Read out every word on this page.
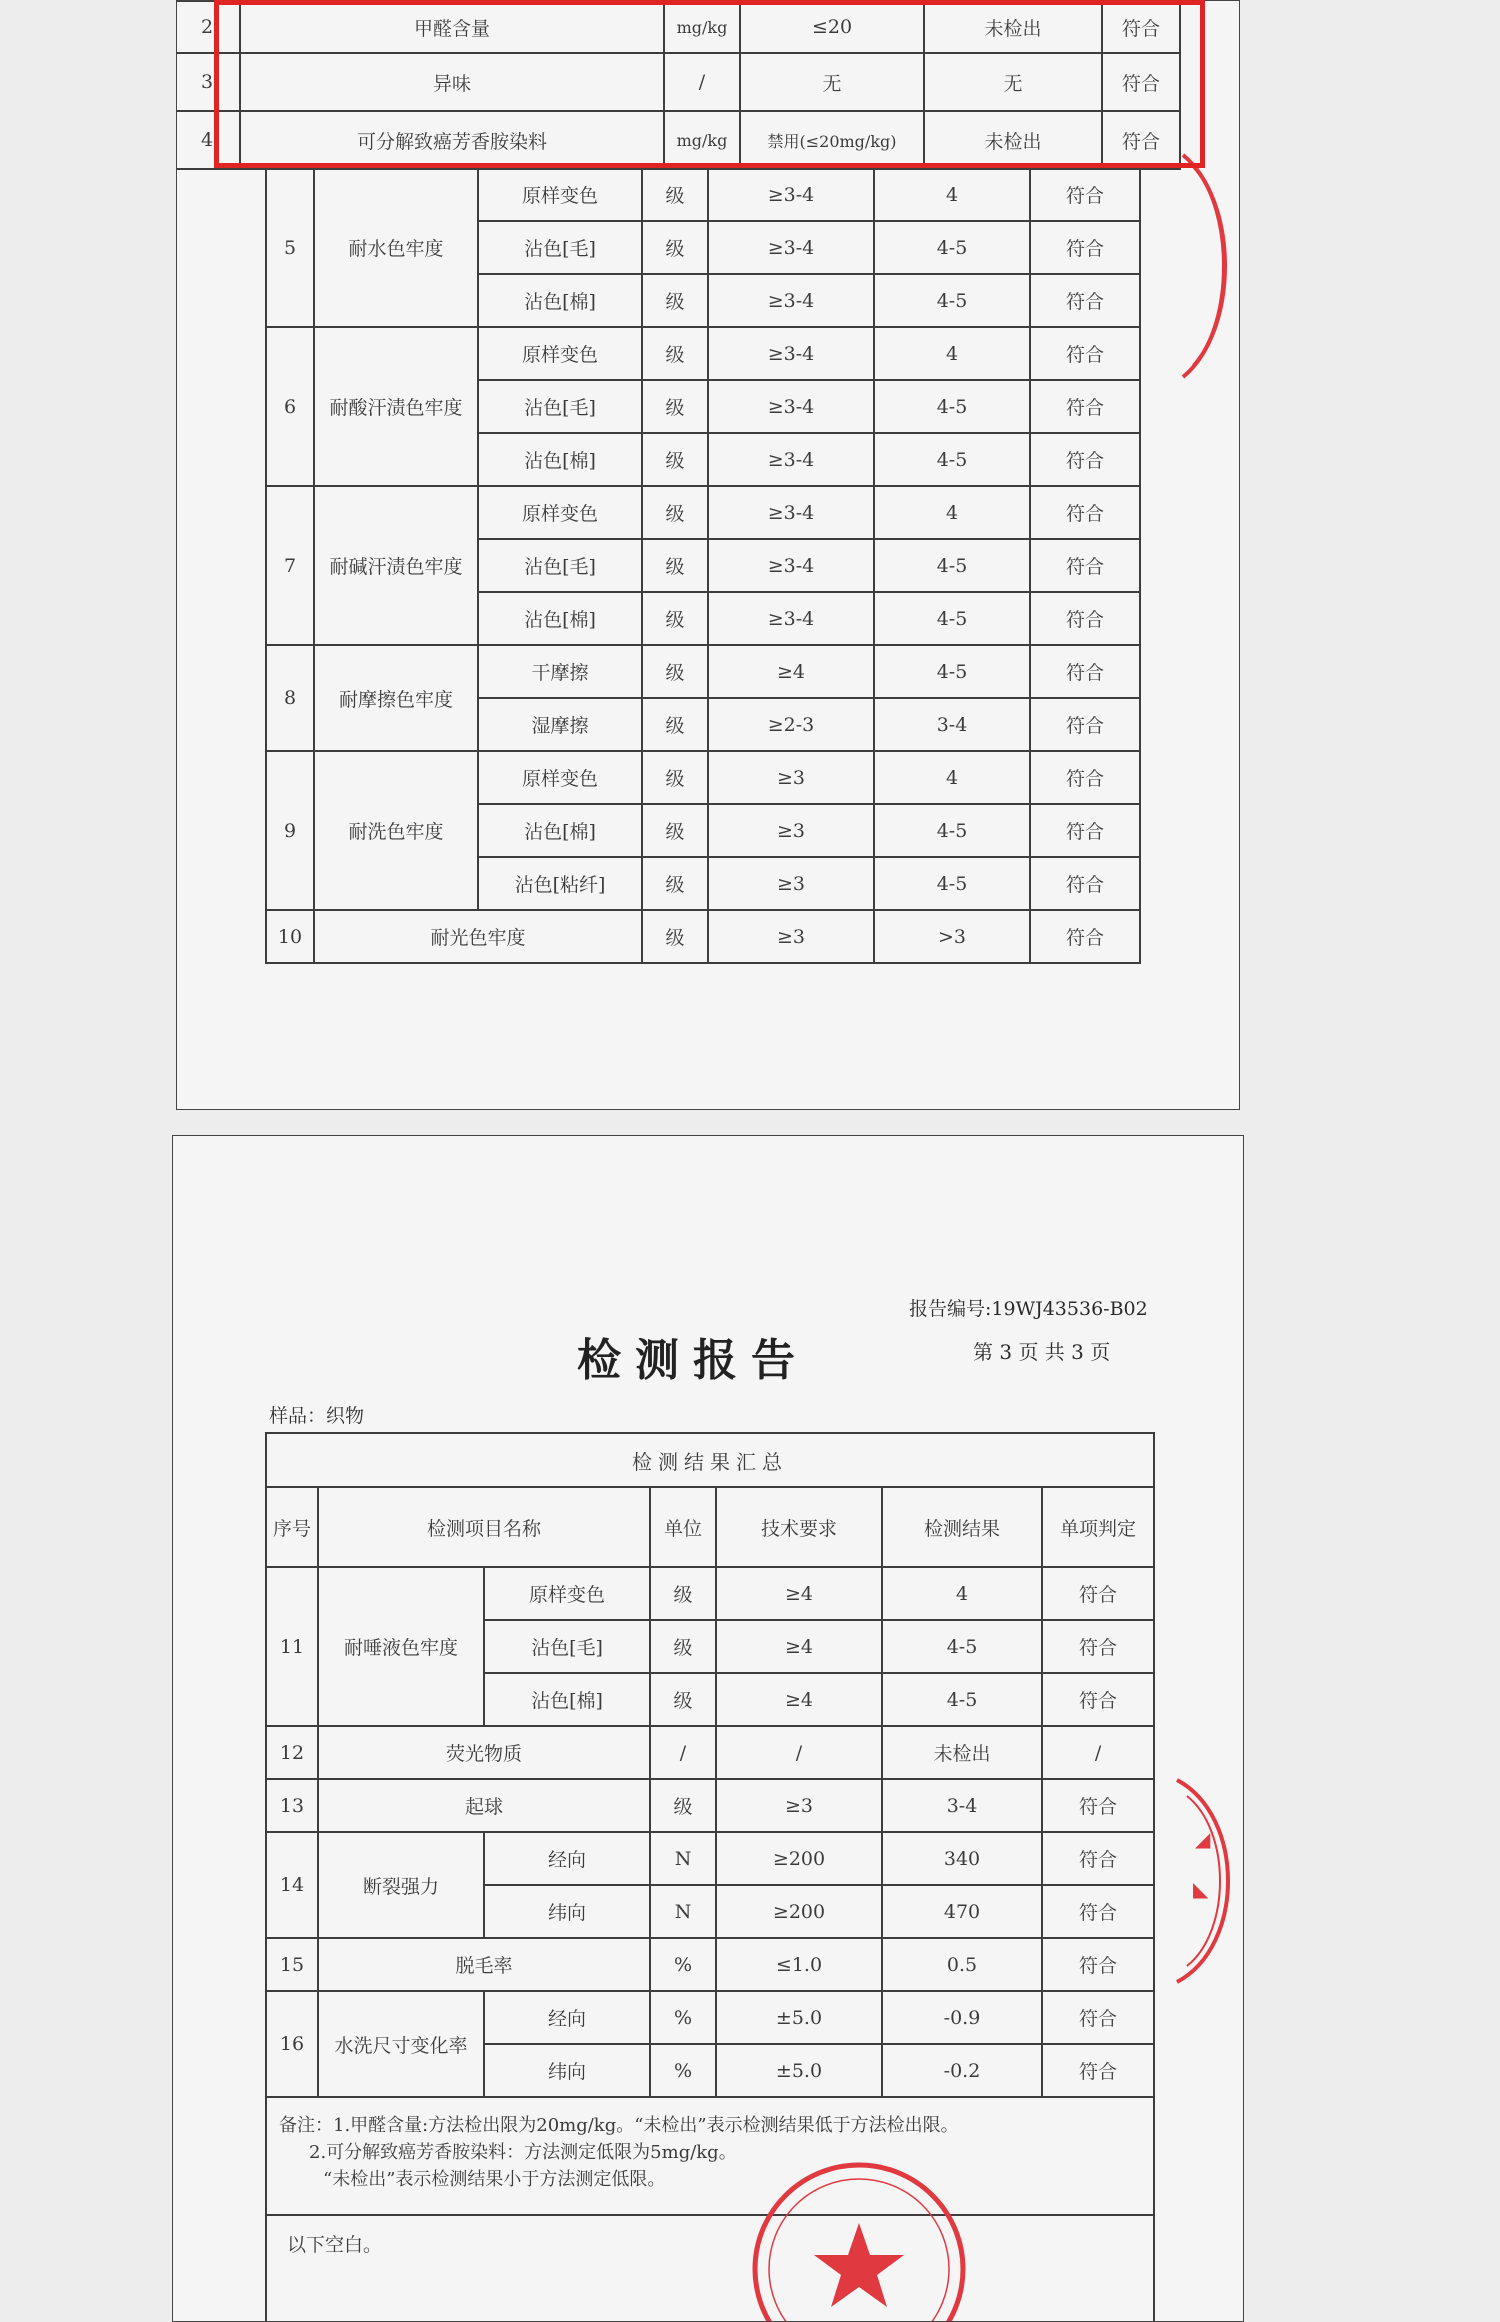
2	甲醛含量	mg/kg	≤20	未检出	符合
3	异味	/	无	无	符合
4	可分解致癌芳香胺染料	mg/kg	禁用(≤20mg/kg)	未检出	符合
5	耐水色牢度	原样变色	级	≥3-4	4	符合
		沾色[毛]	级	≥3-4	4-5	符合
		沾色[棉]	级	≥3-4	4-5	符合
6	耐酸汗渍色牢度	原样变色	级	≥3-4	4	符合
		沾色[毛]	级	≥3-4	4-5	符合
		沾色[棉]	级	≥3-4	4-5	符合
7	耐碱汗渍色牢度	原样变色	级	≥3-4	4	符合
		沾色[毛]	级	≥3-4	4-5	符合
		沾色[棉]	级	≥3-4	4-5	符合
8	耐摩擦色牢度	干摩擦	级	≥4	4-5	符合
		湿摩擦	级	≥2-3	3-4	符合
9	耐洗色牢度	原样变色	级	≥3	4	符合
		沾色[棉]	级	≥3	4-5	符合
		沾色[粘纤]	级	≥3	4-5	符合
10	耐光色牢度		级	≥3	>3	符合
报告编号:19WJ43536-B02
第 3 页 共 3 页
检测报告
样品：织物
检测结果汇总						
序号	检测项目名称		单位	技术要求	检测结果	单项判定
11	耐唾液色牢度	原样变色	级	≥4	4	符合
		沾色[毛]	级	≥4	4-5	符合
		沾色[棉]	级	≥4	4-5	符合
12	荧光物质		/	/	未检出	/
13	起球		级	≥3	3-4	符合
14	断裂强力	经向	N	≥200	340	符合
		纬向	N	≥200	470	符合
15	脱毛率		%	≤1.0	0.5	符合
16	水洗尺寸变化率	经向	%	±5.0	-0.9	符合
		纬向	%	±5.0	-0.2	符合

备注：1.甲醛含量:方法检出限为20mg/kg。“未检出”表示检测结果低于方法检出限。
2.可分解致癌芳香胺染料：方法测定低限为5mg/kg。
“未检出”表示检测结果小于方法测定低限。						

以下空白。						
◢
◣
